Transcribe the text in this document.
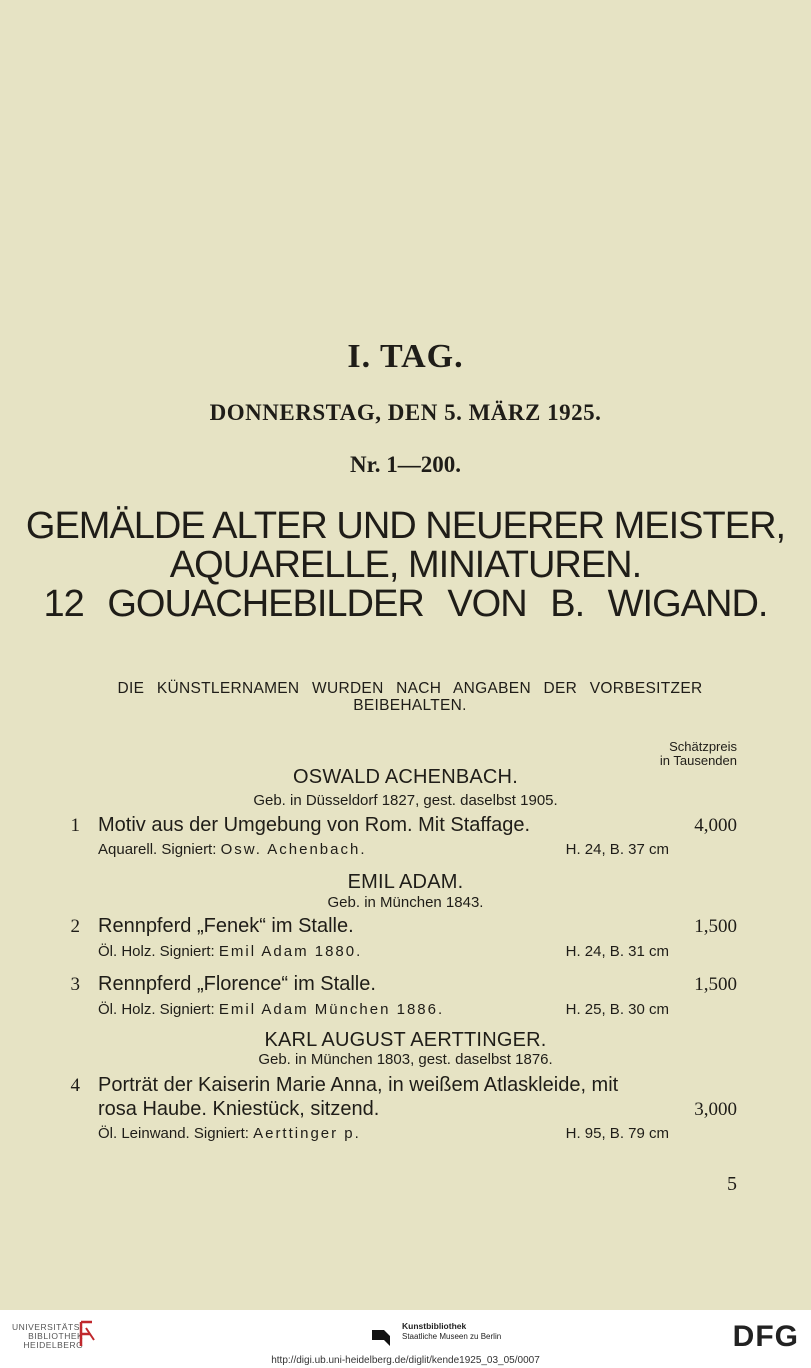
I. TAG.
DONNERSTAG, DEN 5. MÄRZ 1925.
Nr. 1—200.
GEMÄLDE ALTER UND NEUERER MEISTER,
AQUARELLE, MINIATUREN.
12 GOUACHEBILDER VON B. WIGAND.
DIE KÜNSTLERNAMEN WURDEN NACH ANGABEN DER VORBESITZER
BEIBEHALTEN.
Schätzpreis
in Tausenden
OSWALD ACHENBACH.
Geb. in Düsseldorf 1827, gest. daselbst 1905.
1 Motiv aus der Umgebung von Rom. Mit Staffage.	4,000
Aquarell. Signiert: Osw. Achenbach.	H. 24, B. 37 cm
EMIL ADAM.
Geb. in München 1843.
2 Rennpferd „Fenek“ im Stalle.	1,500
Öl. Holz. Signiert: Emil Adam 1880.	H. 24, B. 31 cm
3 Rennpferd „Florence“ im Stalle.	1,500
Öl. Holz. Signiert: Emil Adam München 1886.	H. 25, B. 30 cm
KARL AUGUST AERTTINGER.
Geb. in München 1803, gest. daselbst 1876.
4 Porträt der Kaiserin Marie Anna, in weißem Atlaskleide, mit
rosa Haube. Kniestück, sitzend.	3,000
Öl. Leinwand. Signiert: Aerttinger p.	H. 95, B. 79 cm
5
UNIVERSITÄTS-
BIBLIOTHEK
HEIDELBERG
Kunstbibliothek
Staatliche Museen zu Berlin	DFG
http://digi.ub.uni-heidelberg.de/diglit/kende1925_03_05/0007
